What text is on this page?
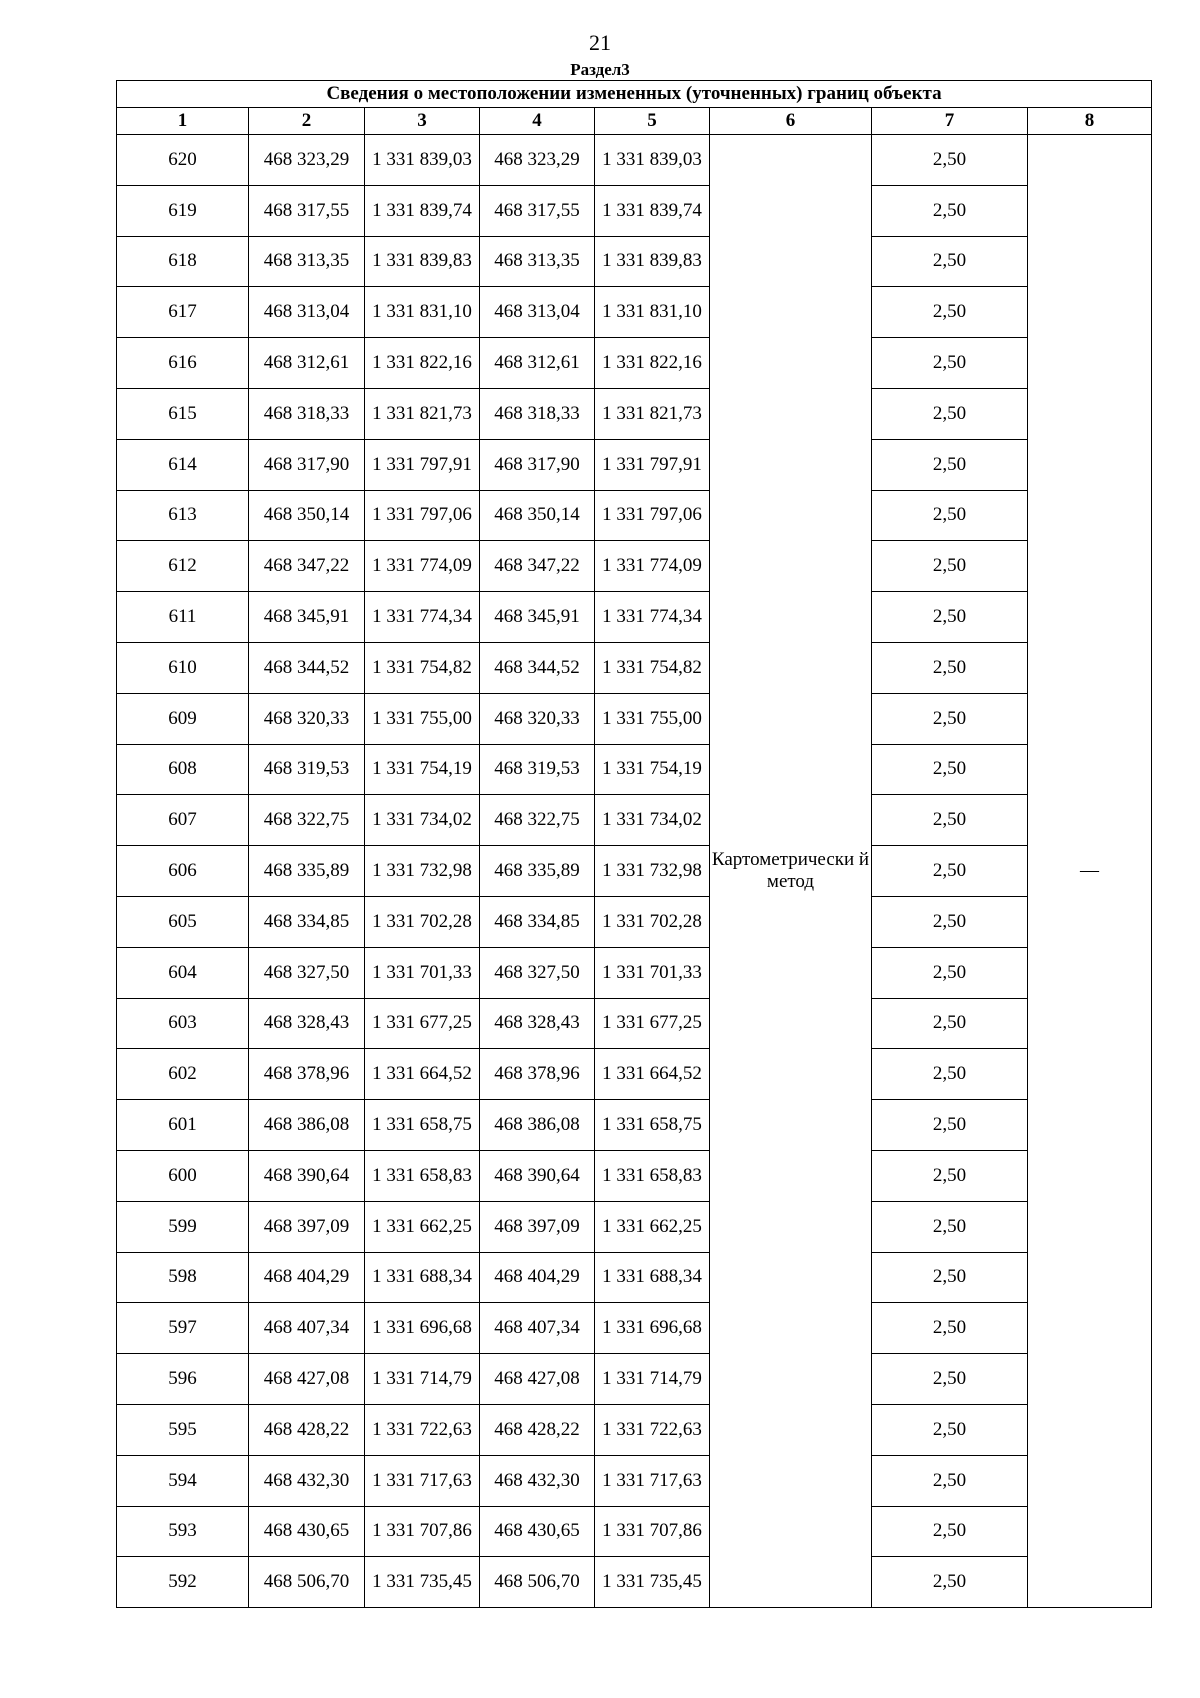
21
Раздел3
Сведения о местоположении измененных (уточненных) границ объекта							
1	2	3	4	5	6	7	8
620	468 323,29	1 331 839,03	468 323,29	1 331 839,03	Картометрически й метод	2,50	—
619	468 317,55	1 331 839,74	468 317,55	1 331 839,74		2,50	
618	468 313,35	1 331 839,83	468 313,35	1 331 839,83		2,50	
617	468 313,04	1 331 831,10	468 313,04	1 331 831,10		2,50	
616	468 312,61	1 331 822,16	468 312,61	1 331 822,16		2,50	
615	468 318,33	1 331 821,73	468 318,33	1 331 821,73		2,50	
614	468 317,90	1 331 797,91	468 317,90	1 331 797,91		2,50	
613	468 350,14	1 331 797,06	468 350,14	1 331 797,06		2,50	
612	468 347,22	1 331 774,09	468 347,22	1 331 774,09		2,50	
611	468 345,91	1 331 774,34	468 345,91	1 331 774,34		2,50	
610	468 344,52	1 331 754,82	468 344,52	1 331 754,82		2,50	
609	468 320,33	1 331 755,00	468 320,33	1 331 755,00		2,50	
608	468 319,53	1 331 754,19	468 319,53	1 331 754,19		2,50	
607	468 322,75	1 331 734,02	468 322,75	1 331 734,02		2,50	
606	468 335,89	1 331 732,98	468 335,89	1 331 732,98		2,50	
605	468 334,85	1 331 702,28	468 334,85	1 331 702,28		2,50	
604	468 327,50	1 331 701,33	468 327,50	1 331 701,33		2,50	
603	468 328,43	1 331 677,25	468 328,43	1 331 677,25		2,50	
602	468 378,96	1 331 664,52	468 378,96	1 331 664,52		2,50	
601	468 386,08	1 331 658,75	468 386,08	1 331 658,75		2,50	
600	468 390,64	1 331 658,83	468 390,64	1 331 658,83		2,50	
599	468 397,09	1 331 662,25	468 397,09	1 331 662,25		2,50	
598	468 404,29	1 331 688,34	468 404,29	1 331 688,34		2,50	
597	468 407,34	1 331 696,68	468 407,34	1 331 696,68		2,50	
596	468 427,08	1 331 714,79	468 427,08	1 331 714,79		2,50	
595	468 428,22	1 331 722,63	468 428,22	1 331 722,63		2,50	
594	468 432,30	1 331 717,63	468 432,30	1 331 717,63		2,50	
593	468 430,65	1 331 707,86	468 430,65	1 331 707,86		2,50	
592	468 506,70	1 331 735,45	468 506,70	1 331 735,45		2,50	
